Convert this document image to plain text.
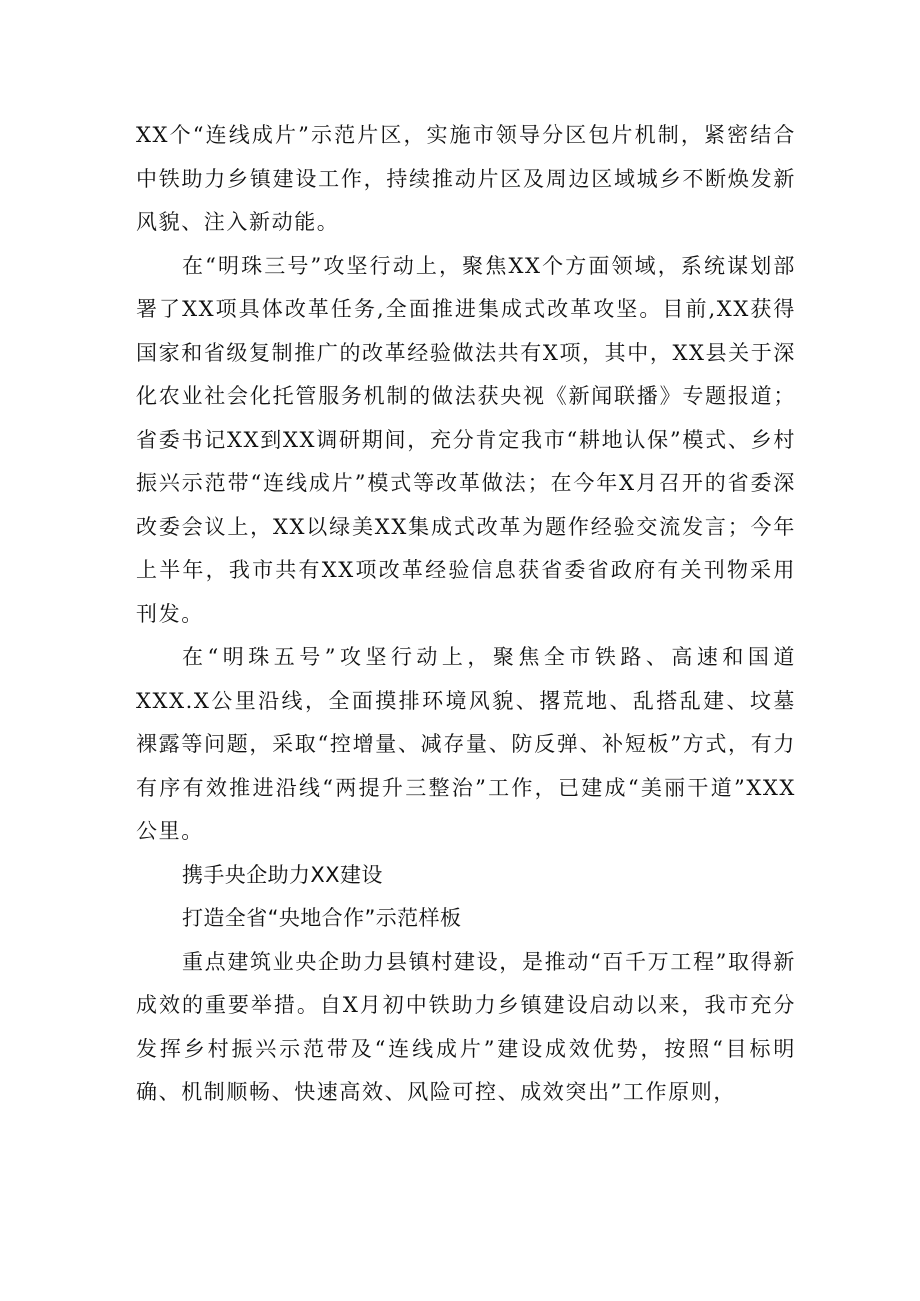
XX个“连线成片”示范片区，实施市领导分区包片机制，紧密结合中铁助力乡镇建设工作，持续推动片区及周边区域城乡不断焕发新风貌、注入新动能。

在“明珠三号”攻坚行动上，聚焦XX个方面领域，系统谋划部署了XX项具体改革任务,全面推进集成式改革攻坚。目前,XX获得国家和省级复制推广的改革经验做法共有X项，其中，XX县关于深化农业社会化托管服务机制的做法获央视《新闻联播》专题报道；省委书记XX到XX调研期间，充分肯定我市“耕地认保”模式、乡村振兴示范带“连线成片”模式等改革做法；在今年X月召开的省委深改委会议上，XX以绿美XX集成式改革为题作经验交流发言；今年上半年，我市共有XX项改革经验信息获省委省政府有关刊物采用刊发。

在“明珠五号”攻坚行动上，聚焦全市铁路、高速和国道XXX.X公里沿线，全面摸排环境风貌、撂荒地、乱搭乱建、坟墓裸露等问题，采取“控增量、减存量、防反弹、补短板”方式，有力有序有效推进沿线“两提升三整治”工作，已建成“美丽干道”XXX公里。

携手央企助力XX建设

打造全省“央地合作”示范样板

重点建筑业央企助力县镇村建设，是推动“百千万工程”取得新成效的重要举措。自X月初中铁助力乡镇建设启动以来，我市充分发挥乡村振兴示范带及“连线成片”建设成效优势，按照“目标明确、机制顺畅、快速高效、风险可控、成效突出”工作原则，
